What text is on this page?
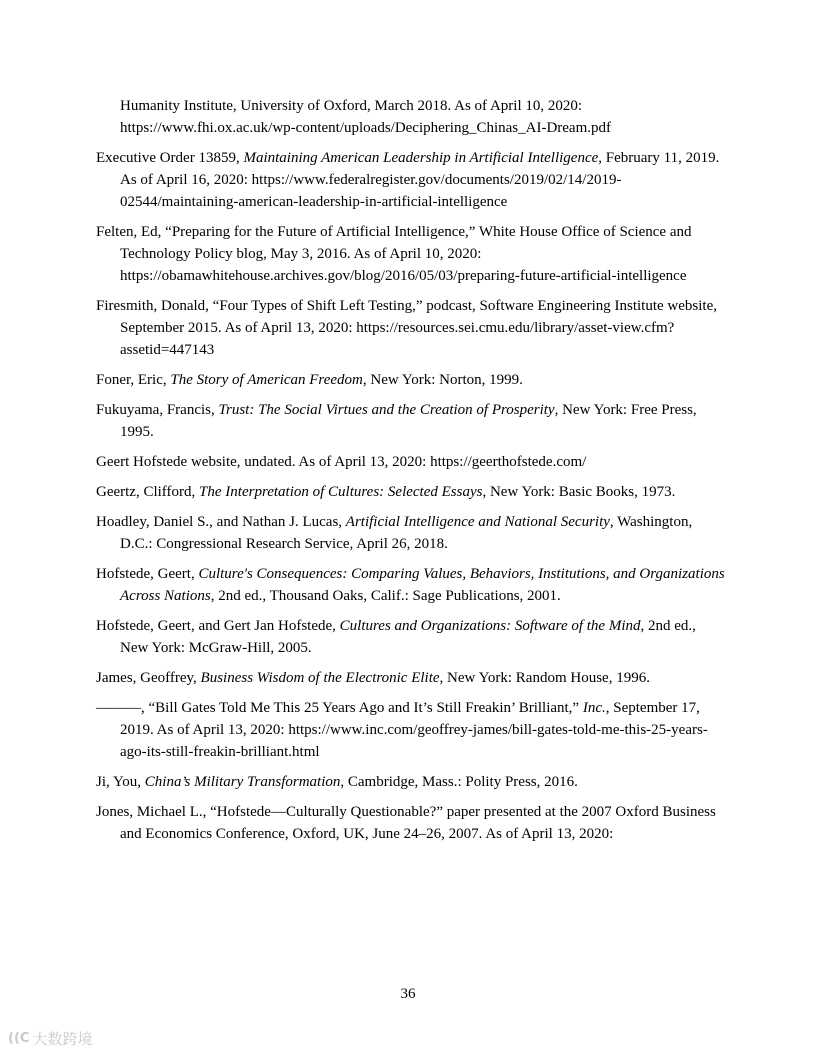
Humanity Institute, University of Oxford, March 2018. As of April 10, 2020: https://www.fhi.ox.ac.uk/wp-content/uploads/Deciphering_Chinas_AI-Dream.pdf

Executive Order 13859, Maintaining American Leadership in Artificial Intelligence, February 11, 2019. As of April 16, 2020: https://www.federalregister.gov/documents/2019/02/14/2019-02544/maintaining-american-leadership-in-artificial-intelligence

Felten, Ed, “Preparing for the Future of Artificial Intelligence,” White House Office of Science and Technology Policy blog, May 3, 2016. As of April 10, 2020: https://obamawhitehouse.archives.gov/blog/2016/05/03/preparing-future-artificial-intelligence

Firesmith, Donald, “Four Types of Shift Left Testing,” podcast, Software Engineering Institute website, September 2015. As of April 13, 2020: https://resources.sei.cmu.edu/library/asset-view.cfm?assetid=447143

Foner, Eric, The Story of American Freedom, New York: Norton, 1999.

Fukuyama, Francis, Trust: The Social Virtues and the Creation of Prosperity, New York: Free Press, 1995.

Geert Hofstede website, undated. As of April 13, 2020: https://geerthofstede.com/

Geertz, Clifford, The Interpretation of Cultures: Selected Essays, New York: Basic Books, 1973.

Hoadley, Daniel S., and Nathan J. Lucas, Artificial Intelligence and National Security, Washington, D.C.: Congressional Research Service, April 26, 2018.

Hofstede, Geert, Culture's Consequences: Comparing Values, Behaviors, Institutions, and Organizations Across Nations, 2nd ed., Thousand Oaks, Calif.: Sage Publications, 2001.

Hofstede, Geert, and Gert Jan Hofstede, Cultures and Organizations: Software of the Mind, 2nd ed., New York: McGraw-Hill, 2005.

James, Geoffrey, Business Wisdom of the Electronic Elite, New York: Random House, 1996.

———, “Bill Gates Told Me This 25 Years Ago and It’s Still Freakin’ Brilliant,” Inc., September 17, 2019. As of April 13, 2020: https://www.inc.com/geoffrey-james/bill-gates-told-me-this-25-years-ago-its-still-freakin-brilliant.html

Ji, You, China’s Military Transformation, Cambridge, Mass.: Polity Press, 2016.

Jones, Michael L., “Hofstede—Culturally Questionable?” paper presented at the 2007 Oxford Business and Economics Conference, Oxford, UK, June 24–26, 2007. As of April 13, 2020:

36
((C 大数跨境
